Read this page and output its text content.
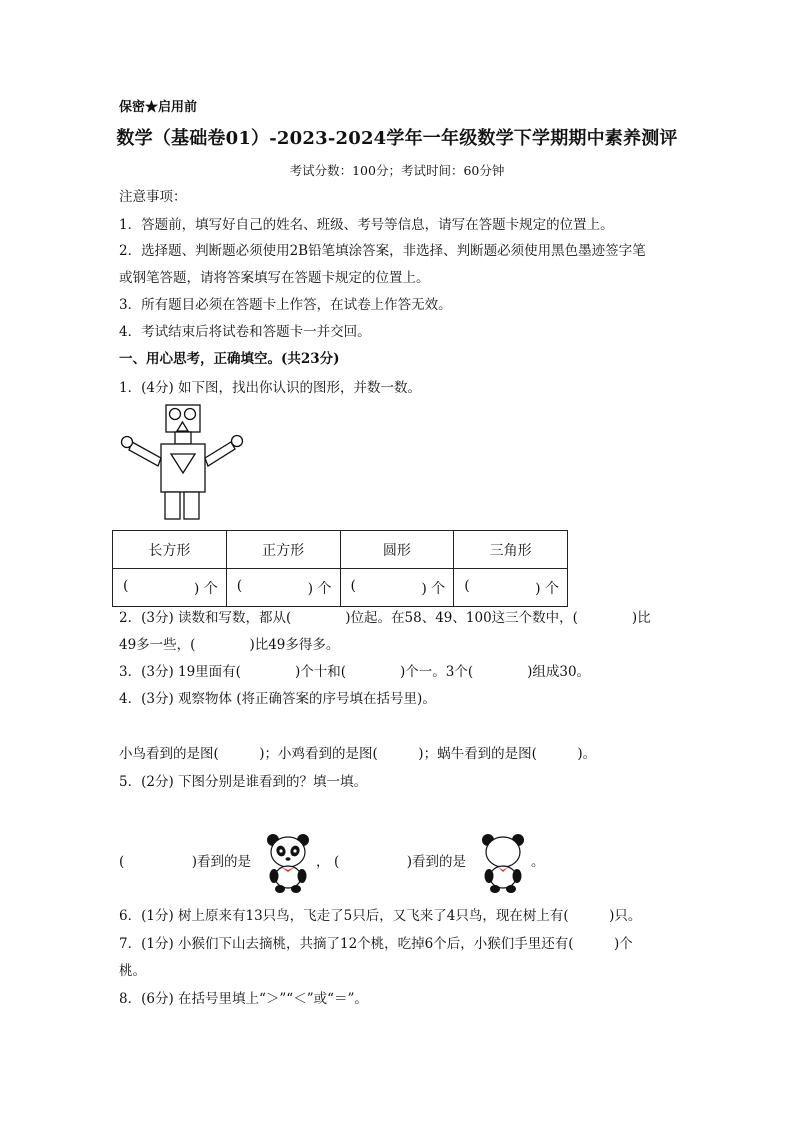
保密★启用前
数学（基础卷01）-2023-2024学年一年级数学下学期期中素养测评
考试分数：100分；考试时间：60分钟
注意事项：
1．答题前，填写好自己的姓名、班级、考号等信息，请写在答题卡规定的位置上。
2．选择题、判断题必须使用2B铅笔填涂答案，非选择、判断题必须使用黑色墨迹签字笔
或钢笔答题，请将答案填写在答题卡规定的位置上。
3．所有题目必须在答题卡上作答，在试卷上作答无效。
4．考试结束后将试卷和答题卡一并交回。
一、用心思考，正确填空。(共23分)
1．(4分) 如下图，找出你认识的图形，并数一数。
长方形	正方形	圆形	三角形
( ) 个	( ) 个	( ) 个	( ) 个
2．(3分) 读数和写数，都从(　　　　)位起。在58、49、100这三个数中，(　　　　)比
49多一些，(　　　　)比49多得多。
3．(3分) 19里面有(　　　　)个十和(　　　　)个一。3个(　　　　)组成30。
4．(3分) 观察物体 (将正确答案的序号填在括号里)。
小鸟看到的是图(　　　)；小鸡看到的是图(　　　)；蜗牛看到的是图(　　　)。
5．(2分) 下图分别是谁看到的？填一填。
(　　　　　)看到的是	， (　　　　　)看到的是	。
6．(1分) 树上原来有13只鸟，飞走了5只后，又飞来了4只鸟，现在树上有(　　　)只。
7．(1分) 小猴们下山去摘桃，共摘了12个桃，吃掉6个后，小猴们手里还有(　　　)个
桃。
8．(6分) 在括号里填上“＞”“＜”或“＝”。
